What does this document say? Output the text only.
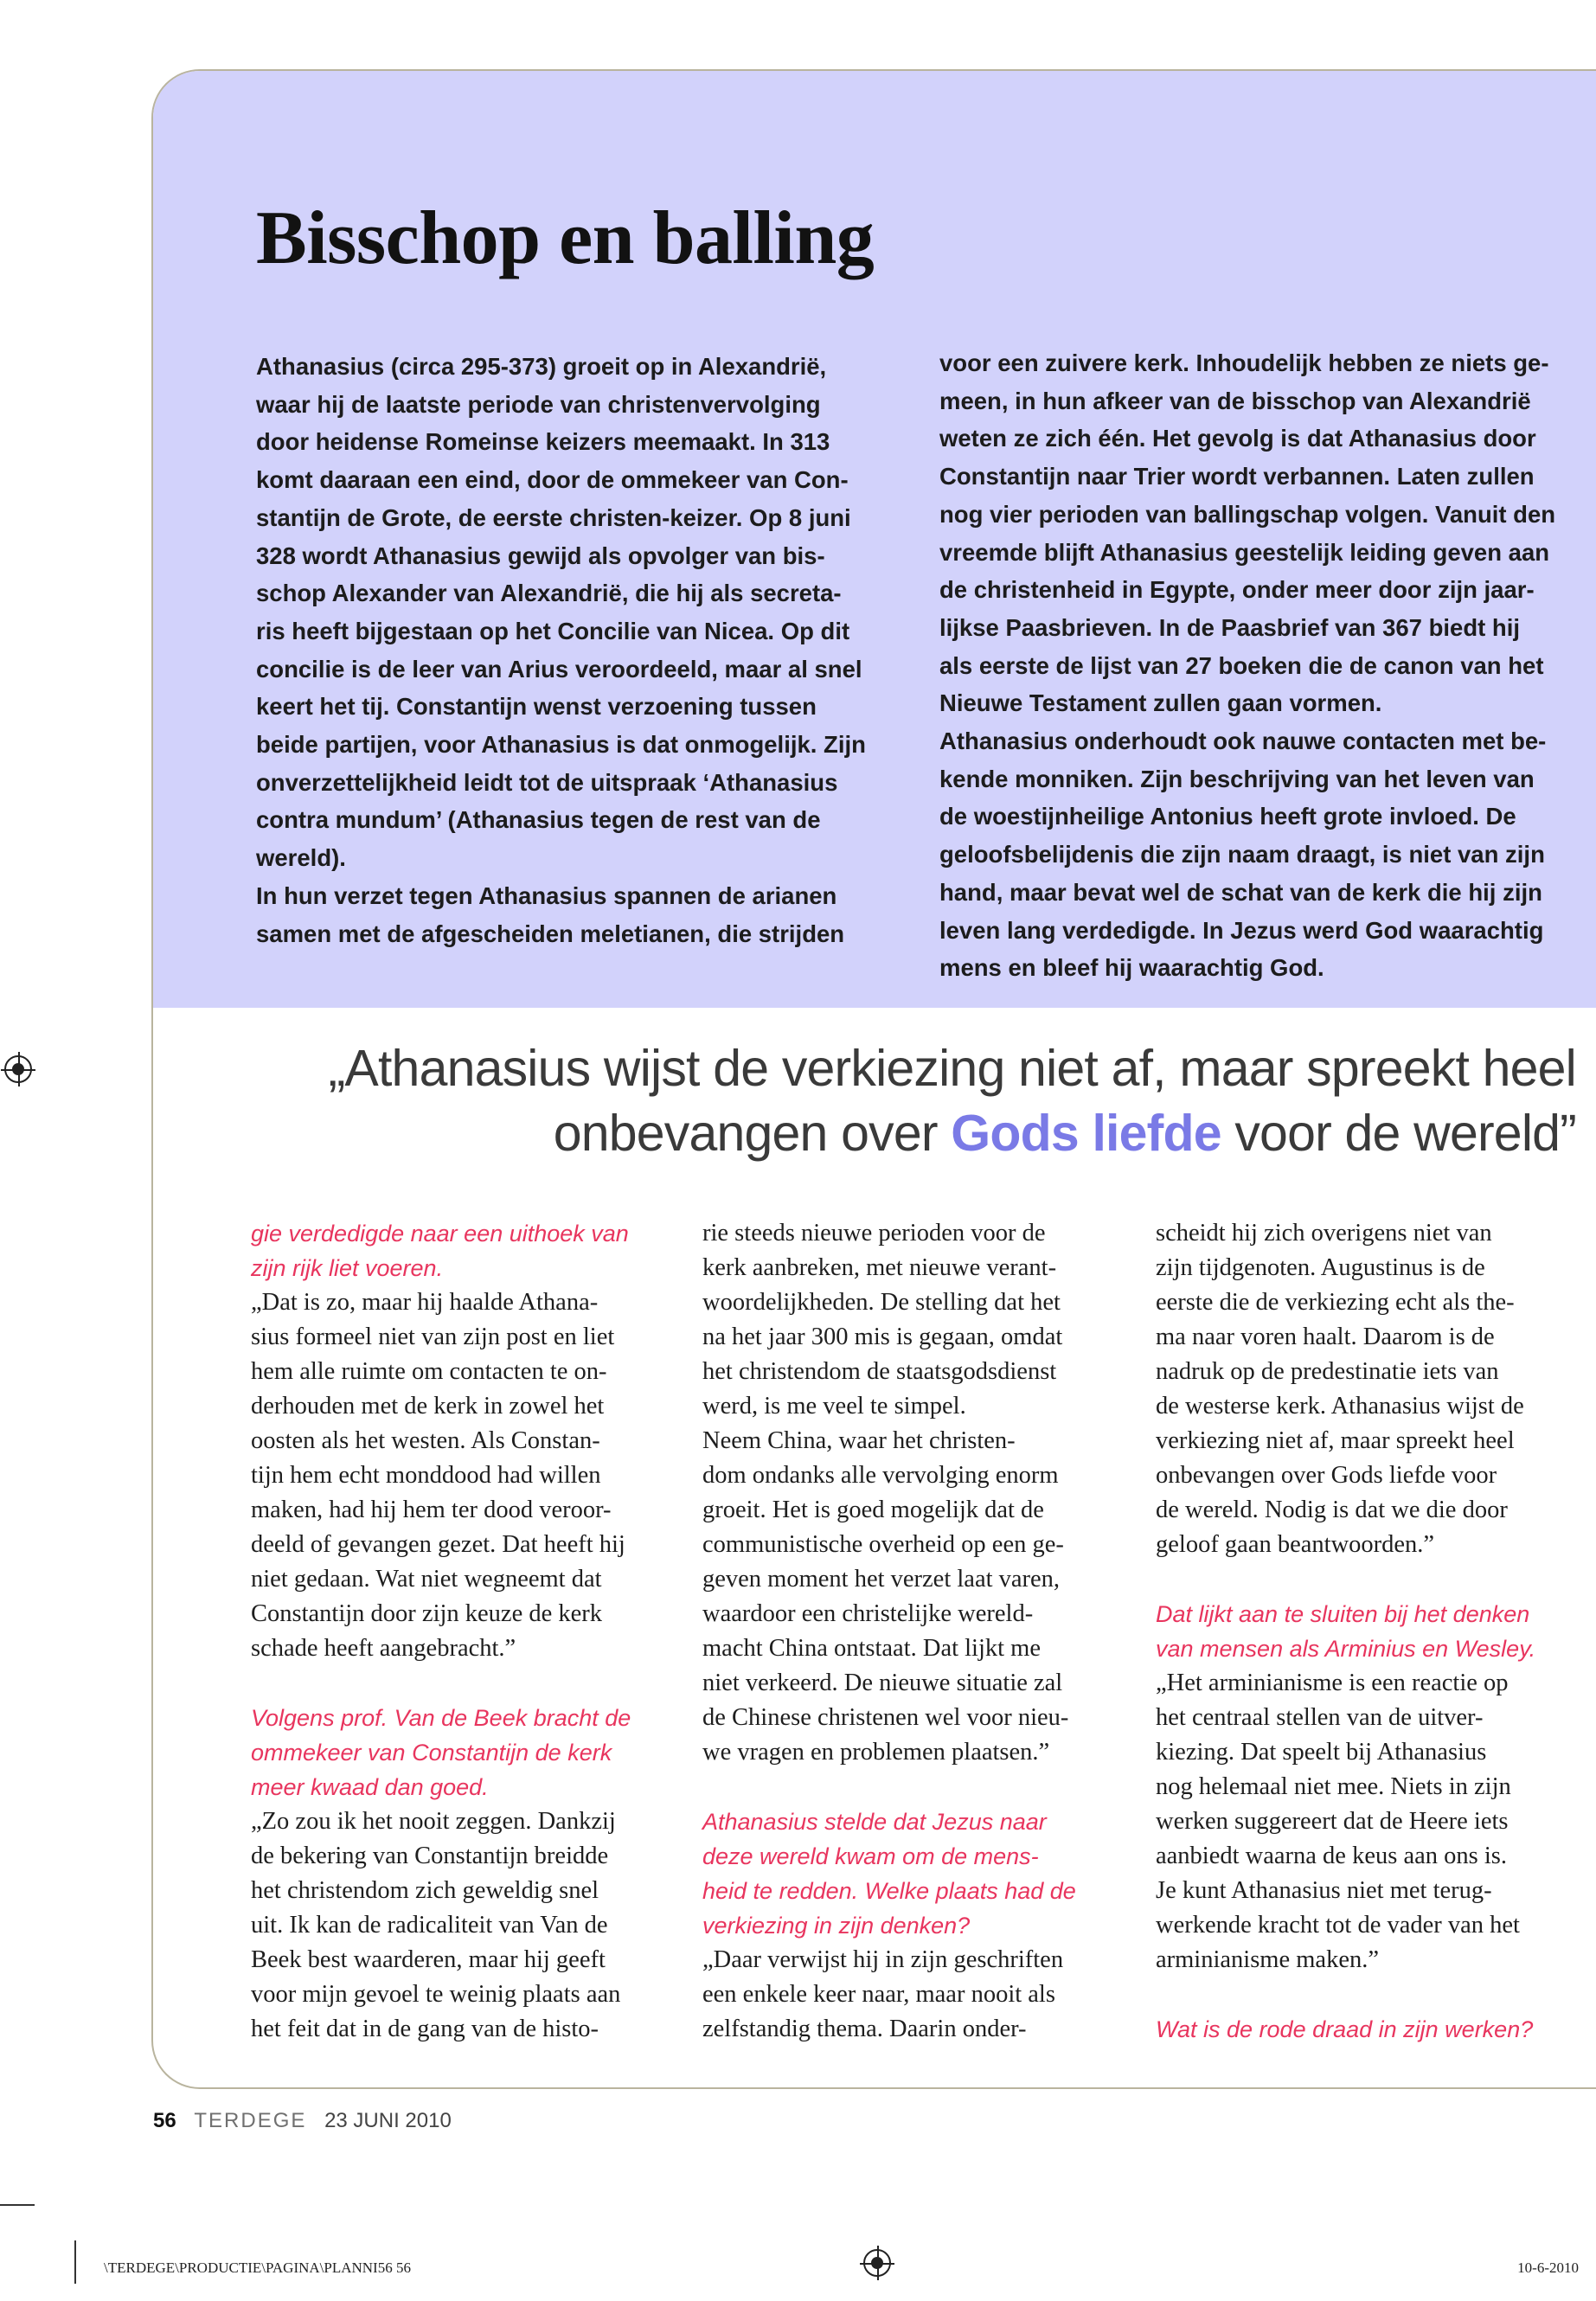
Bisschop en balling

Athanasius (circa 295-373) groeit op in Alexandrië,

waar hij de laatste periode van christenvervolging

door heidense Romeinse keizers meemaakt. In 313

komt daaraan een eind, door de ommekeer van Con-

stantijn de Grote, de eerste christen-keizer. Op 8 juni

328 wordt Athanasius gewijd als opvolger van bis-

schop Alexander van Alexandrië, die hij als secreta-

ris heeft bijgestaan op het Concilie van Nicea. Op dit

concilie is de leer van Arius veroordeeld, maar al snel

keert het tij. Constantijn wenst verzoening tussen

beide partijen, voor Athanasius is dat onmogelijk. Zijn

onverzettelijkheid leidt tot de uitspraak ‘Athanasius

contra mundum’ (Athanasius tegen de rest van de

wereld).

In hun verzet tegen Athanasius spannen de arianen

samen met de afgescheiden meletianen, die strijden

voor een zuivere kerk. Inhoudelijk hebben ze niets ge-

meen, in hun afkeer van de bisschop van Alexandrië

weten ze zich één. Het gevolg is dat Athanasius door

Constantijn naar Trier wordt verbannen. Laten zullen

nog vier perioden van ballingschap volgen. Vanuit den

vreemde blijft Athanasius geestelijk leiding geven aan

de christenheid in Egypte, onder meer door zijn jaar-

lijkse Paasbrieven. In de Paasbrief van 367 biedt hij

als eerste de lijst van 27 boeken die de canon van het

Nieuwe Testament zullen gaan vormen.

Athanasius onderhoudt ook nauwe contacten met be-

kende monniken. Zijn beschrijving van het leven van

de woestijnheilige Antonius heeft grote invloed. De

geloofsbelijdenis die zijn naam draagt, is niet van zijn

hand, maar bevat wel de schat van de kerk die hij zijn

leven lang verdedigde. In Jezus werd God waarachtig

mens en bleef hij waarachtig God.

„Athanasius wijst de verkiezing niet af, maar spreekt heel
onbevangen over Gods liefde voor de wereld”

gie verdedigde naar een uithoek van

zijn rijk liet voeren.

„Dat is zo, maar hij haalde Athana-

sius formeel niet van zijn post en liet

hem alle ruimte om contacten te on-

derhouden met de kerk in zowel het

oosten als het westen. Als Constan-

tijn hem echt monddood had willen

maken, had hij hem ter dood veroor-

deeld of gevangen gezet. Dat heeft hij

niet gedaan. Wat niet wegneemt dat

Constantijn door zijn keuze de kerk

schade heeft aangebracht.”

Volgens prof. Van de Beek bracht de

ommekeer van Constantijn de kerk

meer kwaad dan goed.

„Zo zou ik het nooit zeggen. Dankzij

de bekering van Constantijn breidde

het christendom zich geweldig snel

uit. Ik kan de radicaliteit van Van de

Beek best waarderen, maar hij geeft

voor mijn gevoel te weinig plaats aan

het feit dat in de gang van de histo-

rie steeds nieuwe perioden voor de

kerk aanbreken, met nieuwe verant-

woordelijkheden. De stelling dat het

na het jaar 300 mis is gegaan, omdat

het christendom de staatsgodsdienst

werd, is me veel te simpel.

Neem China, waar het christen-

dom ondanks alle vervolging enorm

groeit. Het is goed mogelijk dat de

communistische overheid op een ge-

geven moment het verzet laat varen,

waardoor een christelijke wereld-

macht China ontstaat. Dat lijkt me

niet verkeerd. De nieuwe situatie zal

de Chinese christenen wel voor nieu-

we vragen en problemen plaatsen.”

Athanasius stelde dat Jezus naar

deze wereld kwam om de mens-

heid te redden. Welke plaats had de

verkiezing in zijn denken?

„Daar verwijst hij in zijn geschriften

een enkele keer naar, maar nooit als

zelfstandig thema. Daarin onder-

scheidt hij zich overigens niet van

zijn tijdgenoten. Augustinus is de

eerste die de verkiezing echt als the-

ma naar voren haalt. Daarom is de

nadruk op de predestinatie iets van

de westerse kerk. Athanasius wijst de

verkiezing niet af, maar spreekt heel

onbevangen over Gods liefde voor

de wereld. Nodig is dat we die door

geloof gaan beantwoorden.”

Dat lijkt aan te sluiten bij het denken

van mensen als Arminius en Wesley.

„Het arminianisme is een reactie op

het centraal stellen van de uitver-

kiezing. Dat speelt bij Athanasius

nog helemaal niet mee. Niets in zijn

werken suggereert dat de Heere iets

aanbiedt waarna de keus aan ons is.

Je kunt Athanasius niet met terug-

werkende kracht tot de vader van het

arminianisme maken.”

Wat is de rode draad in zijn werken?

56 TERDEGE 23 JUNI 2010
\TERDEGE\PRODUCTIE\PAGINA\PLANNI56 56	10-6-2010
